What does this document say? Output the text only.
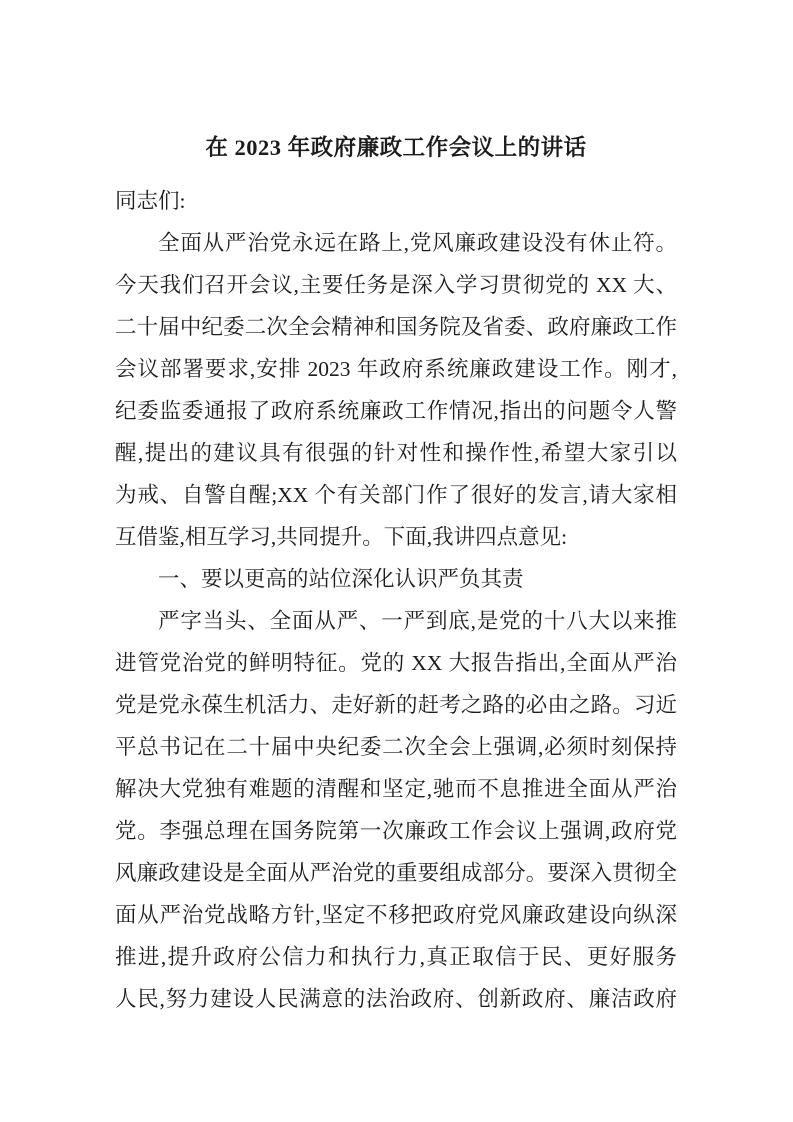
在 2023 年政府廉政工作会议上的讲话
同志们:
全面从严治党永远在路上,党风廉政建设没有休止符。
今天我们召开会议,主要任务是深入学习贯彻党的 XX 大、
二十届中纪委二次全会精神和国务院及省委、政府廉政工作
会议部署要求,安排 2023 年政府系统廉政建设工作。刚才,
纪委监委通报了政府系统廉政工作情况,指出的问题令人警
醒,提出的建议具有很强的针对性和操作性,希望大家引以
为戒、自警自醒;XX 个有关部门作了很好的发言,请大家相
互借鉴,相互学习,共同提升。下面,我讲四点意见:
一、要以更高的站位深化认识严负其责
严字当头、全面从严、一严到底,是党的十八大以来推
进管党治党的鲜明特征。党的 XX 大报告指出,全面从严治
党是党永葆生机活力、走好新的赶考之路的必由之路。习近
平总书记在二十届中央纪委二次全会上强调,必须时刻保持
解决大党独有难题的清醒和坚定,驰而不息推进全面从严治
党。李强总理在国务院第一次廉政工作会议上强调,政府党
风廉政建设是全面从严治党的重要组成部分。要深入贯彻全
面从严治党战略方针,坚定不移把政府党风廉政建设向纵深
推进,提升政府公信力和执行力,真正取信于民、更好服务
人民,努力建设人民满意的法治政府、创新政府、廉洁政府
